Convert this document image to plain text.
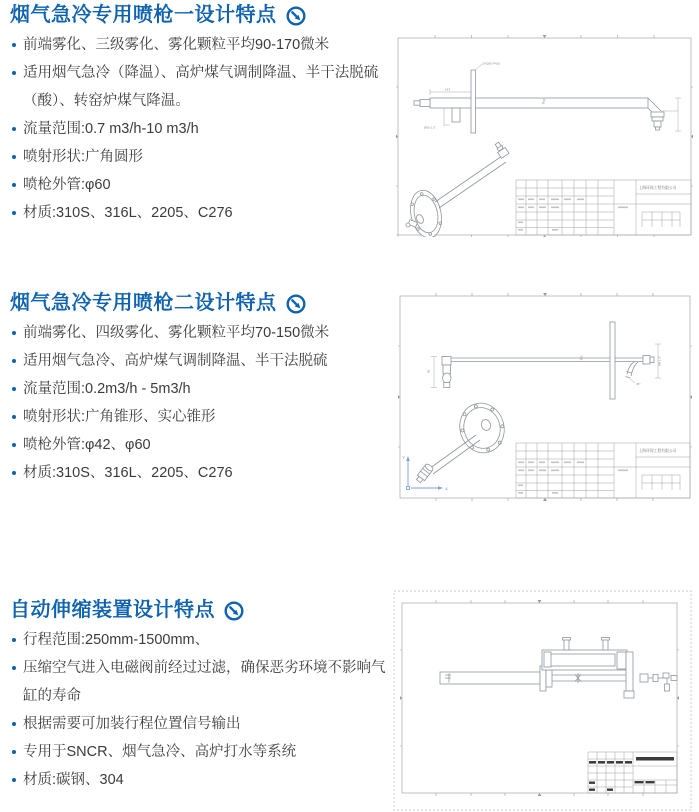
烟气急冷专用喷枪一设计特点
前端雾化、三级雾化、雾化颗粒平均90-170微米
适用烟气急冷（降温）、高炉煤气调制降温、半干法脱硫（酸）、转窑炉煤气降温。
流量范围:0.7 m3/h-10 m3/h
喷射形状:广角圆形
喷枪外管:φ60
材质:310S、316L、2205、C276
DN200,PN10
163
Ø50 1.5"
Ø45
上海环保工程有限公司
x
烟气急冷专用喷枪二设计特点
前端雾化、四级雾化、雾化颗粒平均70-150微米
适用烟气急冷、高炉煤气调制降温、半干法脱硫
流量范围:0.2m3/h - 5m3/h
喷射形状:广角锥形、实心锥形
喷枪外管:φ42、φ60
材质:310S、316L、2205、C276
90
M8 1.5"
45°
925
Y
X
上海环保工程有限公司
自动伸缩装置设计特点
行程范围:250mm-1500mm、
压缩空气进入电磁阀前经过过滤，确保恶劣环境不影响气缸的寿命
根据需要可加装行程位置信号输出
专用于SNCR、烟气急冷、高炉打水等系统
材质:碳钢、304
